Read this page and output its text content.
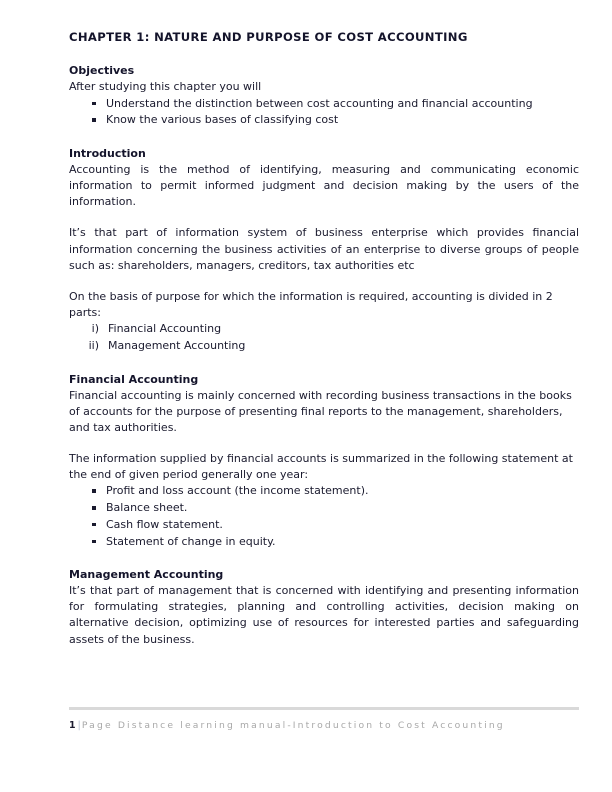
CHAPTER 1: NATURE AND PURPOSE OF COST ACCOUNTING
Objectives

After studying this chapter you will

Understand the distinction between cost accounting and financial accounting
Know the various bases of classifying cost
Introduction

Accounting is the method of identifying, measuring and communicating economic information to permit informed judgment and decision making by the users of the information.

It’s that part of information system of business enterprise which provides financial information concerning the business activities of an enterprise to diverse groups of people such as: shareholders, managers, creditors, tax authorities etc

On the basis of purpose for which the information is required, accounting is divided in 2 parts:

i) Financial Accounting
ii) Management Accounting
Financial Accounting

Financial accounting is mainly concerned with recording business transactions in the books of accounts for the purpose of presenting final reports to the management, shareholders, and tax authorities.

The information supplied by financial accounts is summarized in the following statement at the end of given period generally one year:

Profit and loss account (the income statement).
Balance sheet.
Cash flow statement.
Statement of change in equity.
Management Accounting

It’s that part of management that is concerned with identifying and presenting information for formulating strategies, planning and controlling activities, decision making on alternative decision, optimizing use of resources for interested parties and safeguarding assets of the business.

1 |Page Distance learning manual-Introduction to Cost Accounting
